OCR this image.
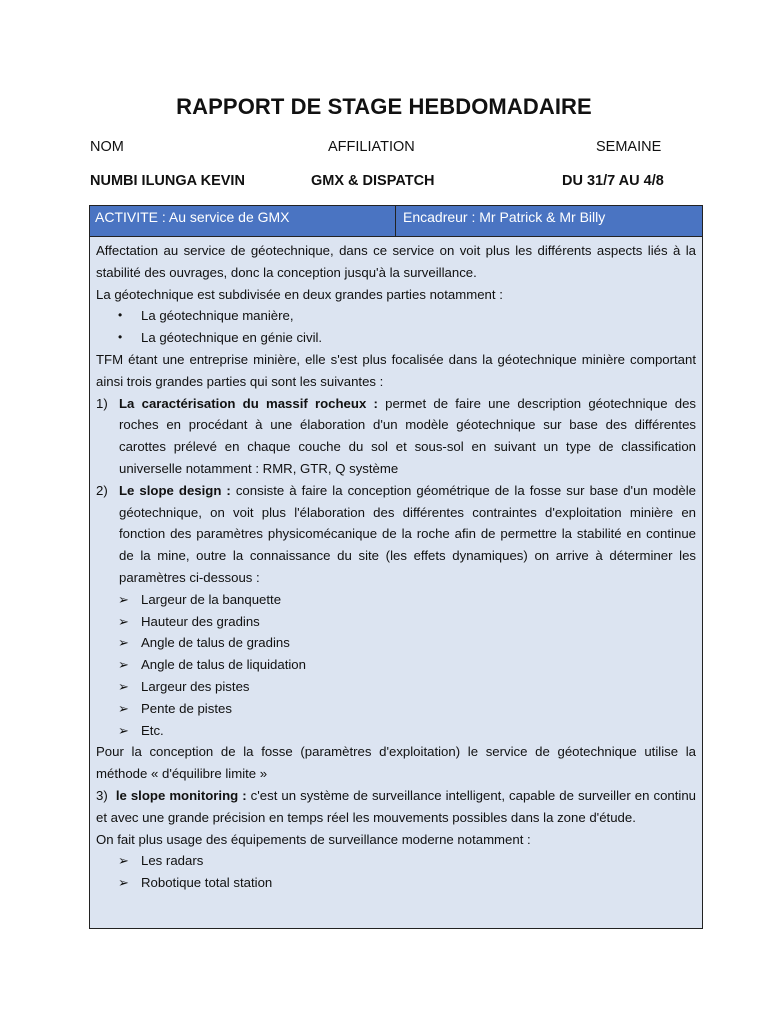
RAPPORT DE STAGE HEBDOMADAIRE
NOM	AFFILIATION	SEMAINE
NUMBI ILUNGA KEVIN	GMX & DISPATCH	DU 31/7 AU 4/8
ACTIVITE : Au service de GMX	Encadreur : Mr Patrick & Mr Billy

Affectation au service de géotechnique, dans ce service on voit plus les différents aspects liés à la stabilité des ouvrages, donc la conception jusqu'à la surveillance.

La géotechnique est subdivisée en deux grandes parties notamment :

• La géotechnique manière,
• La géotechnique en génie civil.

TFM étant une entreprise minière, elle s'est plus focalisée dans la géotechnique minière comportant ainsi trois grandes parties qui sont les suivantes :

1) La caractérisation du massif rocheux : permet de faire une description géotechnique des roches en procédant à une élaboration d'un modèle géotechnique sur base des différentes carottes prélevé en chaque couche du sol et sous-sol en suivant un type de classification universelle notamment : RMR, GTR, Q système
2) Le slope design : consiste à faire la conception géométrique de la fosse sur base d'un modèle géotechnique, on voit plus l'élaboration des différentes contraintes d'exploitation minière en fonction des paramètres physicomécanique de la roche afin de permettre la stabilité en continue de la mine, outre la connaissance du site (les effets dynamiques) on arrive à déterminer les paramètres ci-dessous :
➢ Largeur de la banquette
➢ Hauteur des gradins
➢ Angle de talus de gradins
➢ Angle de talus de liquidation
➢ Largeur des pistes
➢ Pente de pistes
➢ Etc.

Pour la conception de la fosse (paramètres d'exploitation) le service de géotechnique utilise la méthode « d'équilibre limite »

3) le slope monitoring : c'est un système de surveillance intelligent, capable de surveiller en continu et avec une grande précision en temps réel les mouvements possibles dans la zone d'étude.

On fait plus usage des équipements de surveillance moderne notamment :

➢ Les radars
➢ Robotique total station
